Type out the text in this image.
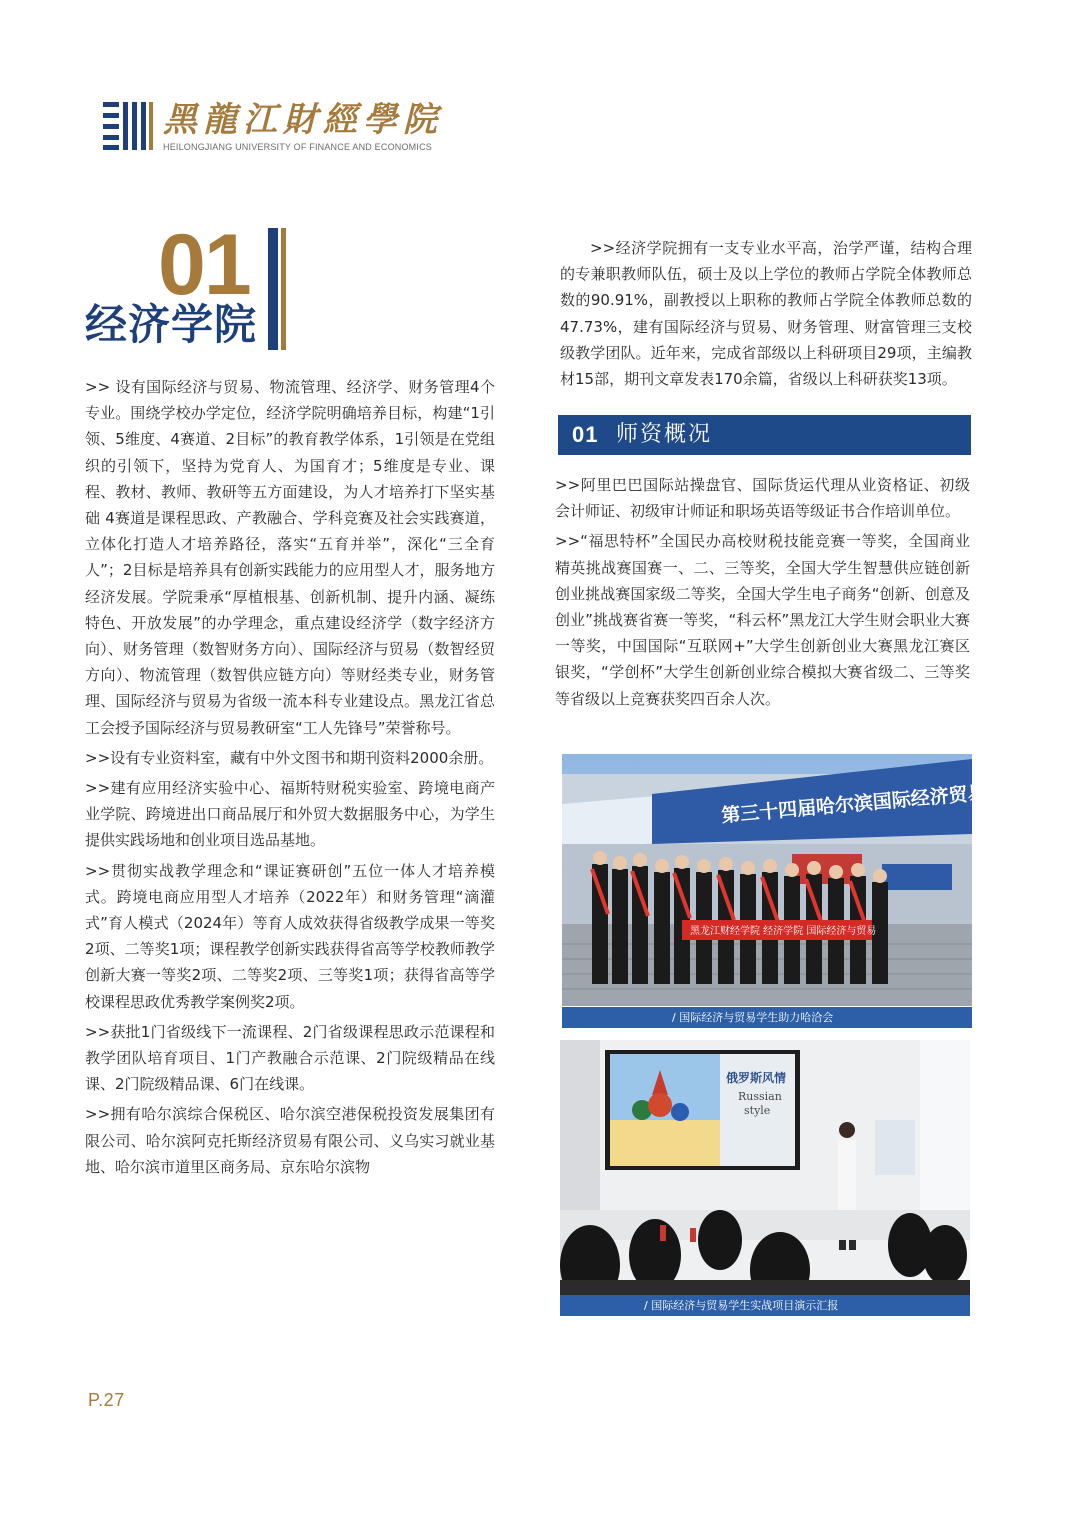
黑龍江財經學院
HEILONGJIANG UNIVERSITY OF FINANCE AND ECONOMICS
01
经济学院

>> 设有国际经济与贸易、物流管理、经济学、财务管理4个专业。围绕学校办学定位，经济学院明确培养目标，构建“1引领、5维度、4赛道、2目标”的教育教学体系，1引领是在党组织的引领下，坚持为党育人、为国育才；5维度是专业、课程、教材、教师、教研等五方面建设，为人才培养打下坚实基础 4赛道是课程思政、产教融合、学科竞赛及社会实践赛道，立体化打造人才培养路径，落实“五育并举”，深化“三全育人”；2目标是培养具有创新实践能力的应用型人才，服务地方经济发展。学院秉承“厚植根基、创新机制、提升内涵、凝练特色、开放发展”的办学理念，重点建设经济学（数字经济方向）、财务管理（数智财务方向）、国际经济与贸易（数智经贸方向）、物流管理（数智供应链方向）等财经类专业，财务管理、国际经济与贸易为省级一流本科专业建设点。黑龙江省总工会授予国际经济与贸易教研室“工人先锋号”荣誉称号。

>>设有专业资料室，藏有中外文图书和期刊资料2000余册。

>>建有应用经济实验中心、福斯特财税实验室、跨境电商产业学院、跨境进出口商品展厅和外贸大数据服务中心，为学生提供实践场地和创业项目选品基地。

>>贯彻实战教学理念和“课证赛研创”五位一体人才培养模式。跨境电商应用型人才培养（2022年）和财务管理“滴灌式”育人模式（2024年）等育人成效获得省级教学成果一等奖2项、二等奖1项；课程教学创新实践获得省高等学校教师教学创新大赛一等奖2项、二等奖2项、三等奖1项；获得省高等学校课程思政优秀教学案例奖2项。

>>获批1门省级线下一流课程、2门省级课程思政示范课程和教学团队培育项目、1门产教融合示范课、2门院级精品在线课、2门院级精品课、6门在线课。

>>拥有哈尔滨综合保税区、哈尔滨空港保税投资发展集团有限公司、哈尔滨阿克托斯经济贸易有限公司、义乌实习就业基地、哈尔滨市道里区商务局、京东哈尔滨物

>>经济学院拥有一支专业水平高，治学严谨，结构合理的专兼职教师队伍，硕士及以上学位的教师占学院全体教师总数的90.91%，副教授以上职称的教师占学院全体教师总数的47.73%，建有国际经济与贸易、财务管理、财富管理三支校级教学团队。近年来，完成省部级以上科研项目29项，主编教材15部，期刊文章发表170余篇，省级以上科研获奖13项。

01 师资概况

>>阿里巴巴国际站操盘官、国际货运代理从业资格证、初级会计师证、初级审计师证和职场英语等级证书合作培训单位。

>>“福思特杯”全国民办高校财税技能竞赛一等奖，全国商业精英挑战赛国赛一、二、三等奖，全国大学生智慧供应链创新创业挑战赛国家级二等奖，全国大学生电子商务“创新、创意及创业”挑战赛省赛一等奖，“科云杯”黑龙江大学生财会职业大赛一等奖，中国国际“互联网+”大学生创新创业大赛黑龙江赛区银奖，“学创杯”大学生创新创业综合模拟大赛省级二、三等奖等省级以上竞赛获奖四百余人次。

第三十四届哈尔滨国际经济贸易洽谈会
黑龙江财经学院 经济学院 国际经济与贸易
/ 国际经济与贸易学生助力哈洽会
俄罗斯风情
Russian
style
/ 国际经济与贸易学生实战项目演示汇报
P.27
